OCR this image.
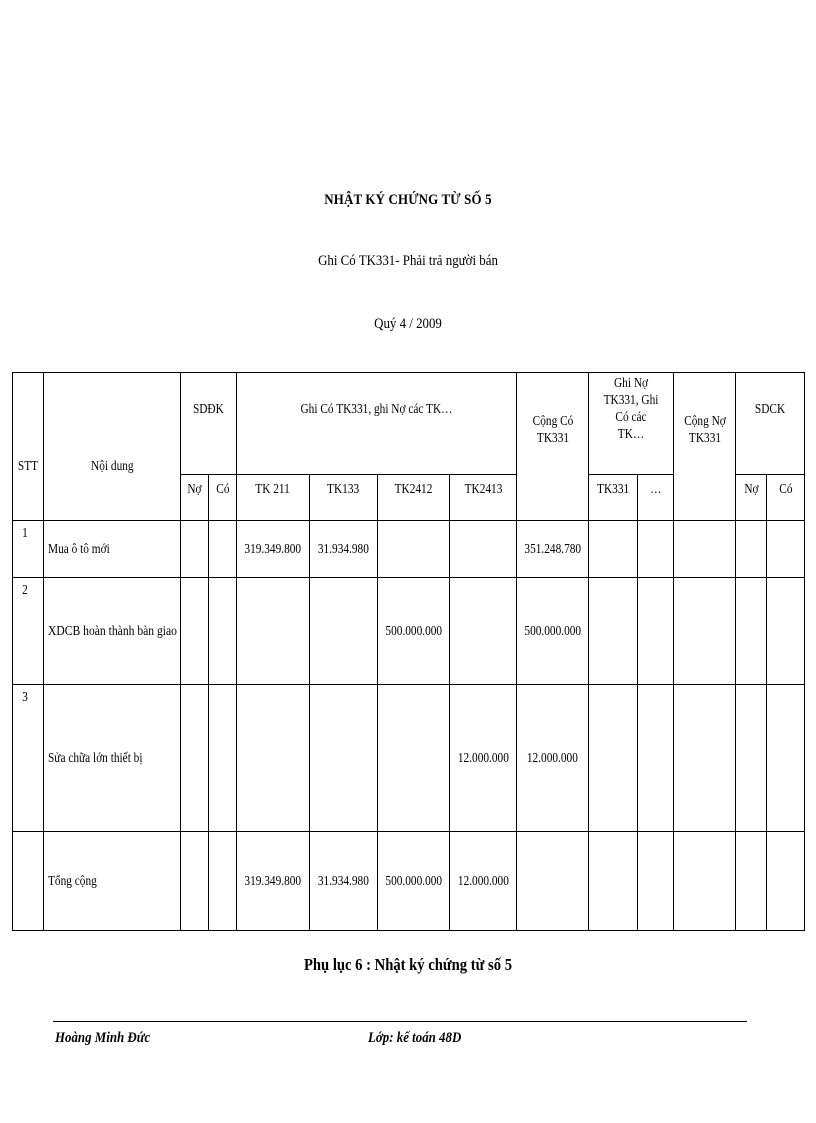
NHẬT KÝ CHỨNG TỪ SỐ 5
Ghi Có TK331- Phải trả người bán
Quý 4 / 2009
STT	Nội dung	SDĐK		Ghi Có TK331, ghi Nợ các TK…				Cộng Có TK331	Ghi Nợ TK331, Ghi Có các TK…		Cộng Nợ TK331	SDCK	
		Nợ	Có	TK 211	TK133	TK2412	TK2413		TK331	…		Nợ	Có

1	Mua ô tô mới			319.349.800	31.934.980			351.248.780					

2	XDCB hoàn thành bàn giao					500.000.000		500.000.000					

3	Sửa chữa lớn thiết bị						12.000.000	12.000.000					
	Tổng cộng			319.349.800	31.934.980	500.000.000	12.000.000						
Phụ lục 6 : Nhật ký chứng từ số 5
Hoàng Minh Đức	Lớp: kế toán 48D
